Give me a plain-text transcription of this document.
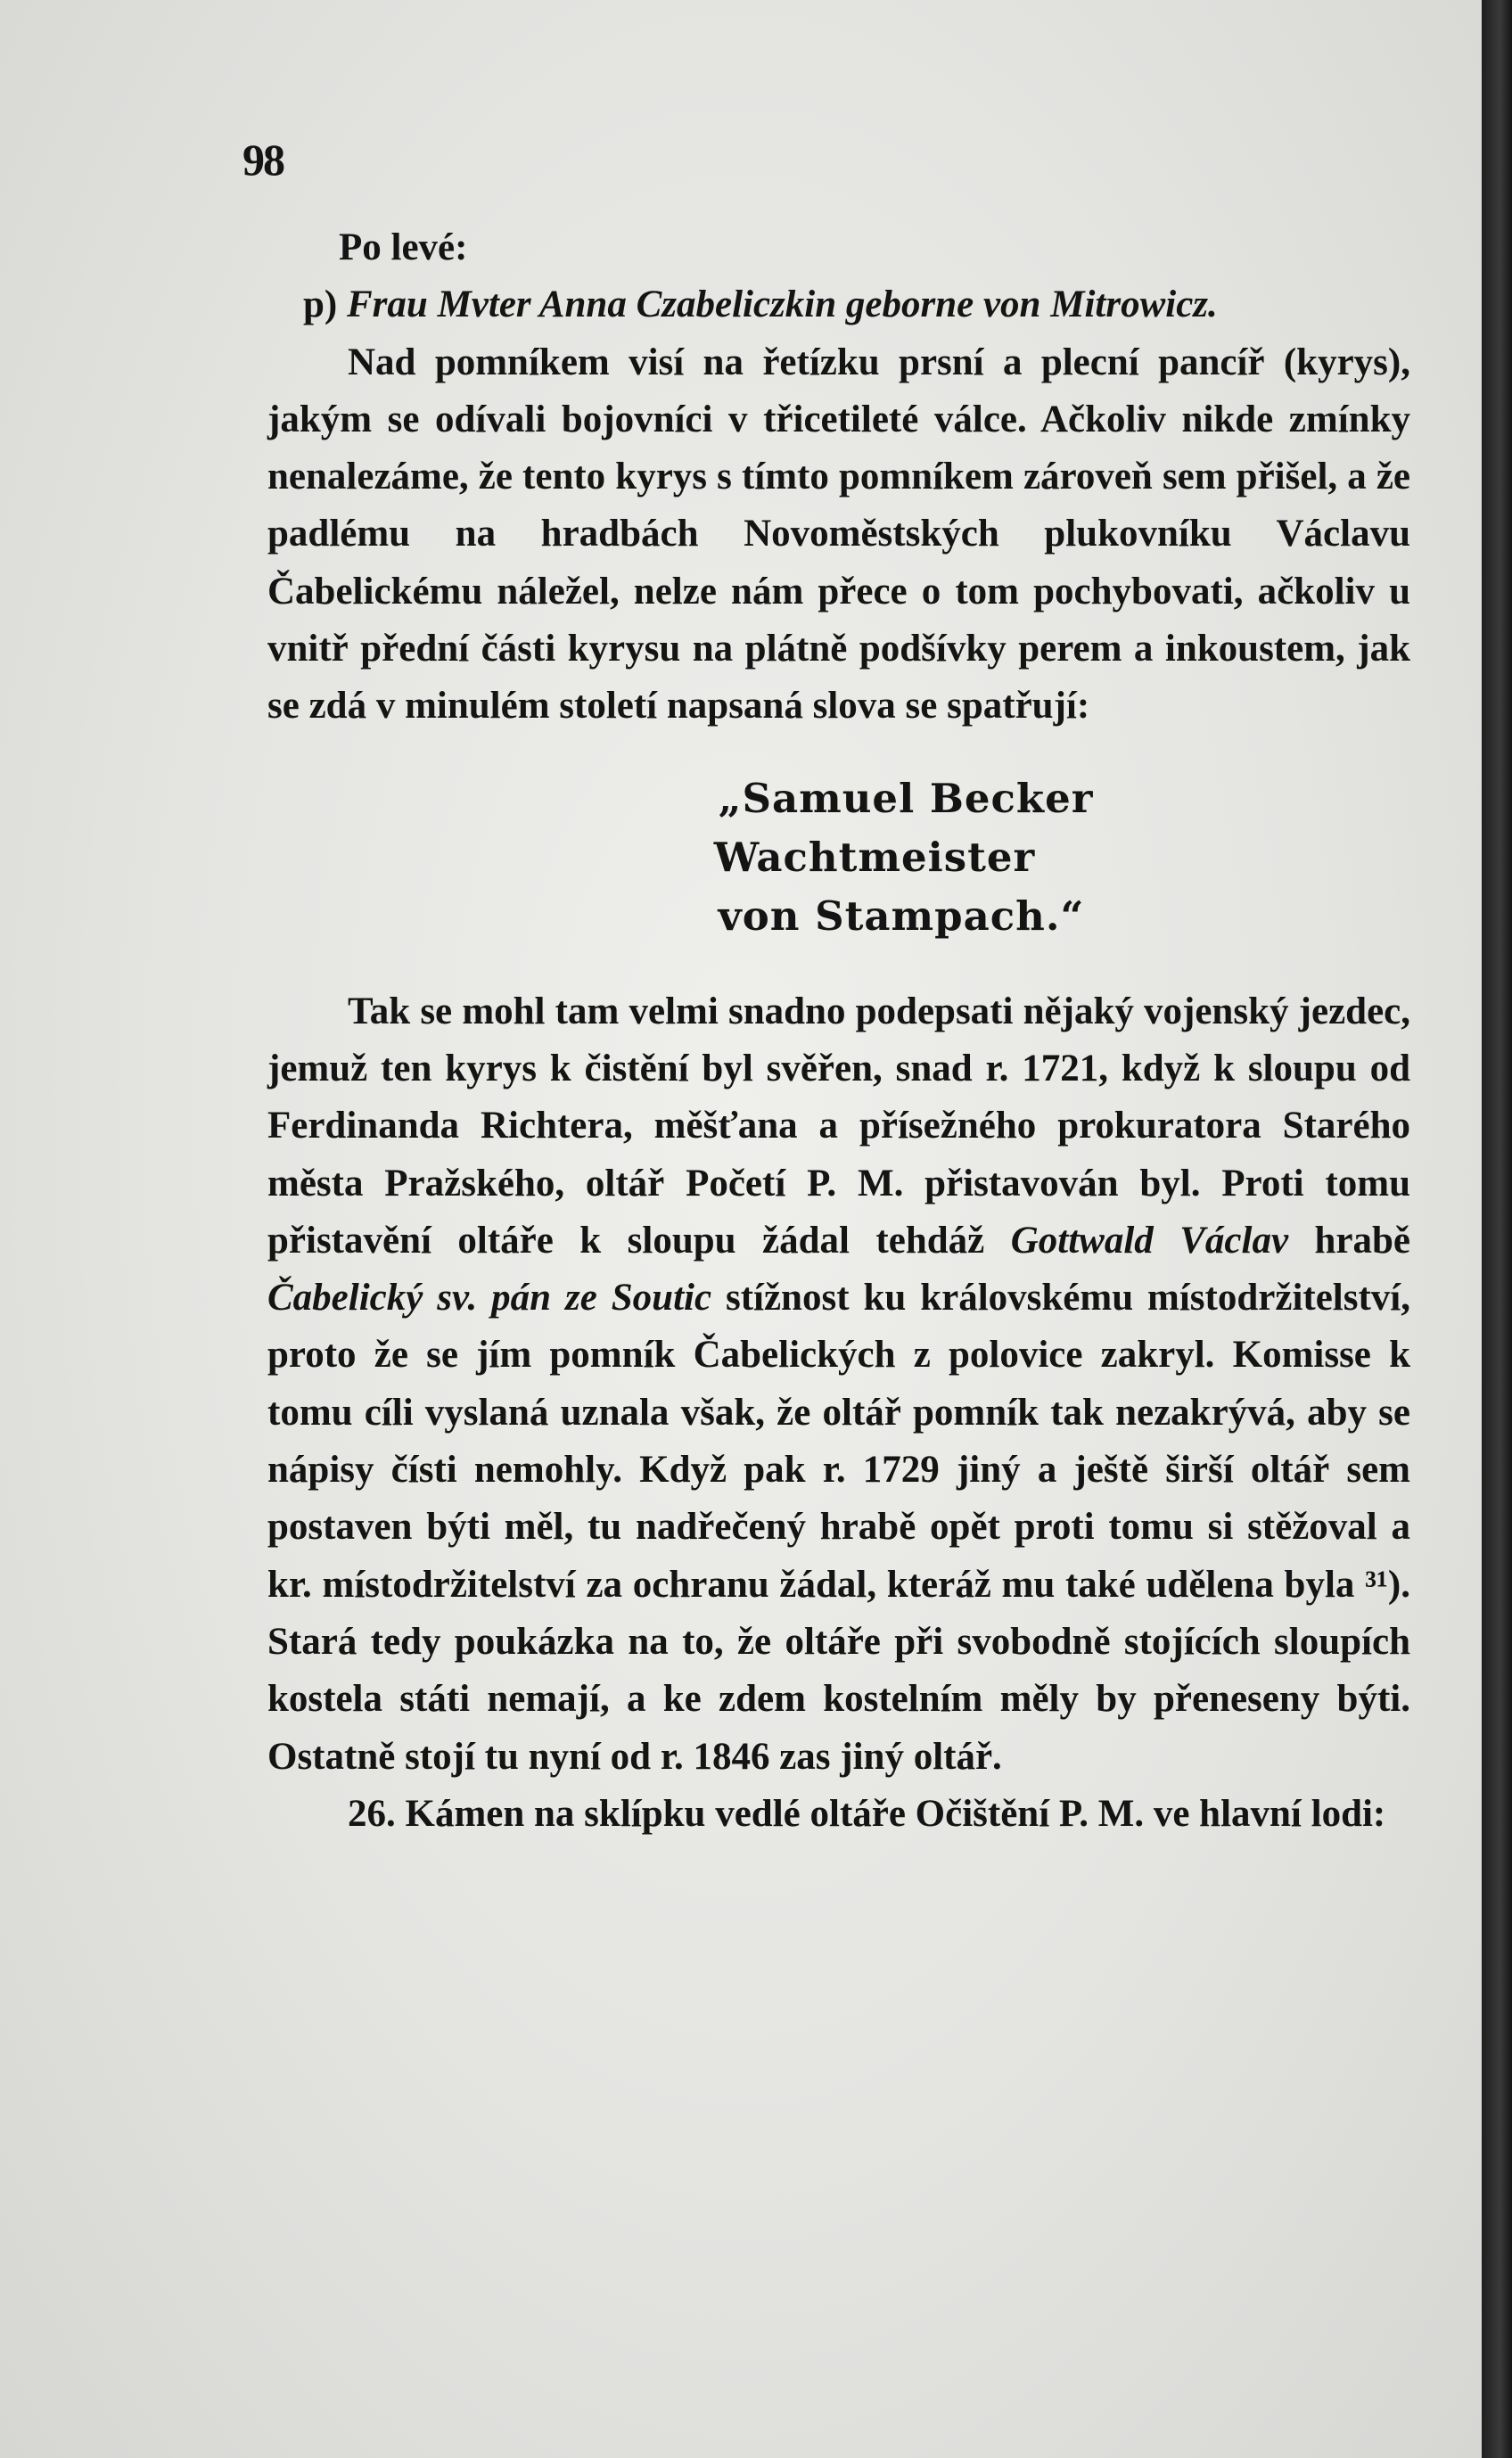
98

Po levé:

p) Frau Mvter Anna Czabeliczkin geborne von Mitrowicz.

Nad pomníkem visí na řetízku prsní a plecní pancíř (kyrys), jakým se odívali bojovníci v třicetileté válce. Ačkoliv nikde zmínky nenalezáme, že tento kyrys s tímto pomníkem zároveň sem přišel, a že padlému na hradbách Novoměstských plukovníku Václavu Čabelickému náležel, nelze nám přece o tom pochybovati, ačkoliv u vnitř přední části kyrysu na plátně podšívky perem a inkoustem, jak se zdá v minulém století napsaná slova se spatřují:

„Samuel Becker

Wachtmeister

von Stampach.“

Tak se mohl tam velmi snadno podepsati nějaký vojenský jezdec, jemuž ten kyrys k čistění byl svěřen, snad r. 1721, když k sloupu od Ferdinanda Richtera, měšťana a přísežného prokuratora Starého města Pražského, oltář Početí P. M. přistavován byl. Proti tomu přistavění oltáře k sloupu žádal tehdáž Gottwald Václav hrabě Čabelický sv. pán ze Soutic stížnost ku královskému místodržitelství, proto že se jím pomník Čabelických z polovice zakryl. Komisse k tomu cíli vyslaná uznala však, že oltář pomník tak nezakrývá, aby se nápisy čísti nemohly. Když pak r. 1729 jiný a ještě širší oltář sem postaven býti měl, tu nadřečený hrabě opět proti tomu si stěžoval a kr. místodržitelství za ochranu žádal, kteráž mu také udělena byla ³¹). Stará tedy poukázka na to, že oltáře při svobodně stojících sloupích kostela státi nemají, a ke zdem kostelním měly by přeneseny býti. Ostatně stojí tu nyní od r. 1846 zas jiný oltář.

26. Kámen na sklípku vedlé oltáře Očištění P. M. ve hlavní lodi:
